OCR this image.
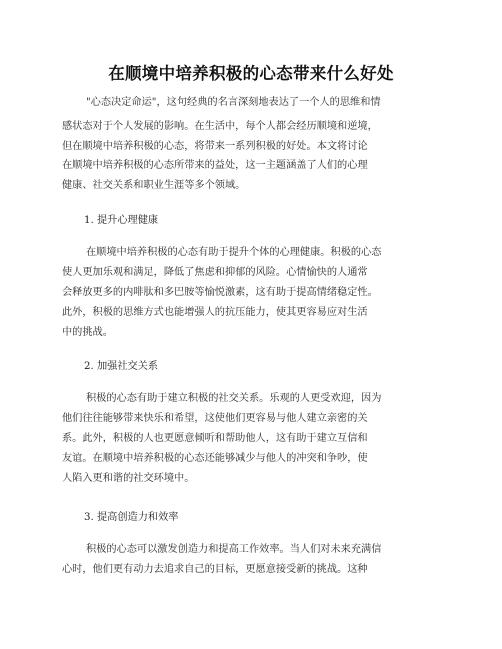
在顺境中培养积极的心态带来什么好处
"心态决定命运"，这句经典的名言深刻地表达了一个人的思维和情
感状态对于个人发展的影响。在生活中，每个人都会经历顺境和逆境，
但在顺境中培养积极的心态，将带来一系列积极的好处。本文将讨论
在顺境中培养积极的心态所带来的益处，这一主题涵盖了人们的心理
健康、社交关系和职业生涯等多个领域。
1. 提升心理健康
在顺境中培养积极的心态有助于提升个体的心理健康。积极的心态
使人更加乐观和满足，降低了焦虑和抑郁的风险。心情愉快的人通常
会释放更多的内啡肽和多巴胺等愉悦激素，这有助于提高情绪稳定性。
此外，积极的思维方式也能增强人的抗压能力，使其更容易应对生活
中的挑战。
2. 加强社交关系
积极的心态有助于建立积极的社交关系。乐观的人更受欢迎，因为
他们往往能够带来快乐和希望，这使他们更容易与他人建立亲密的关
系。此外，积极的人也更愿意倾听和帮助他人，这有助于建立互信和
友谊。在顺境中培养积极的心态还能够减少与他人的冲突和争吵，使
人陷入更和谐的社交环境中。
3. 提高创造力和效率
积极的心态可以激发创造力和提高工作效率。当人们对未来充满信
心时，他们更有动力去追求自己的目标，更愿意接受新的挑战。这种
